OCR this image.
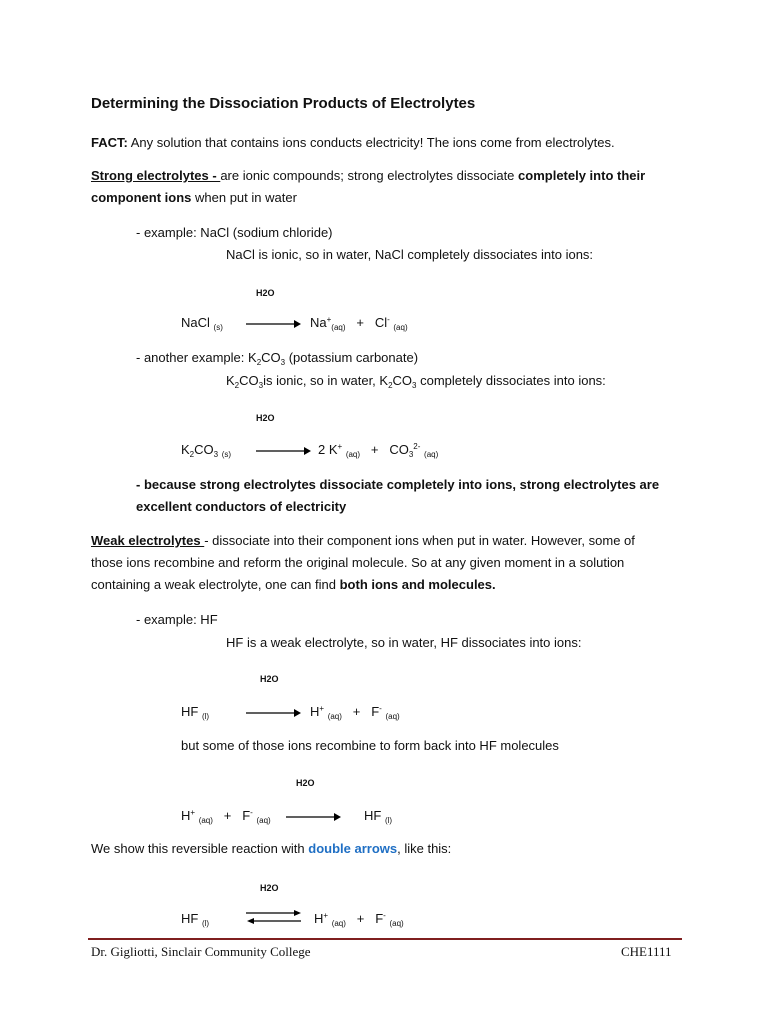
Determining the Dissociation Products of Electrolytes
FACT: Any solution that contains ions conducts electricity! The ions come from electrolytes.
Strong electrolytes - are ionic compounds; strong electrolytes dissociate completely into their
component ions when put in water
- example: NaCl (sodium chloride)
NaCl is ionic, so in water, NaCl completely dissociates into ions:
H2O
NaCl $_{(s)} \to Na^+_{(aq)} + Cl^-$ $_{(aq)}$
- another example: $K_2CO_3$ (potassium carbonate)
$K_2CO_3is$ ionic, so in water, $K_2CO_3$ completely dissociates into ions:
H2O
$K_2CO_3$ $_{(s)}$ → 2 K+ $_{(aq)} + CO_3^{2-}$ $_{(aq)}$
- because strong electrolytes dissociate completely into ions, strong electrolytes are
excellent conductors of electricity
Weak electrolytes - dissociate into their component ions when put in water. However, some of
those ions recombine and reform the original molecule. So at any given moment in a solution
containing a weak electrolyte, one can find both ions and molecules.
- example: HF
HF is a weak electrolyte, so in water, HF dissociates into ions:
H2O
HF $_{(l)}$ → H+ $_{(aq)}$ + F- $_{(aq)}$
but some of those ions recombine to form back into HF molecules
H2O
H+ $_{(aq)}$ + F- $_{(aq)}$ → HF $_{(l)}$
We show this reversible reaction with double arrows, like this:
H2O
HF $_{(l)}$	H+ $_{(aq)}$ + F- $_{(aq)}$
Dr. Gigliotti, Sinclair Community College	CHE1111
